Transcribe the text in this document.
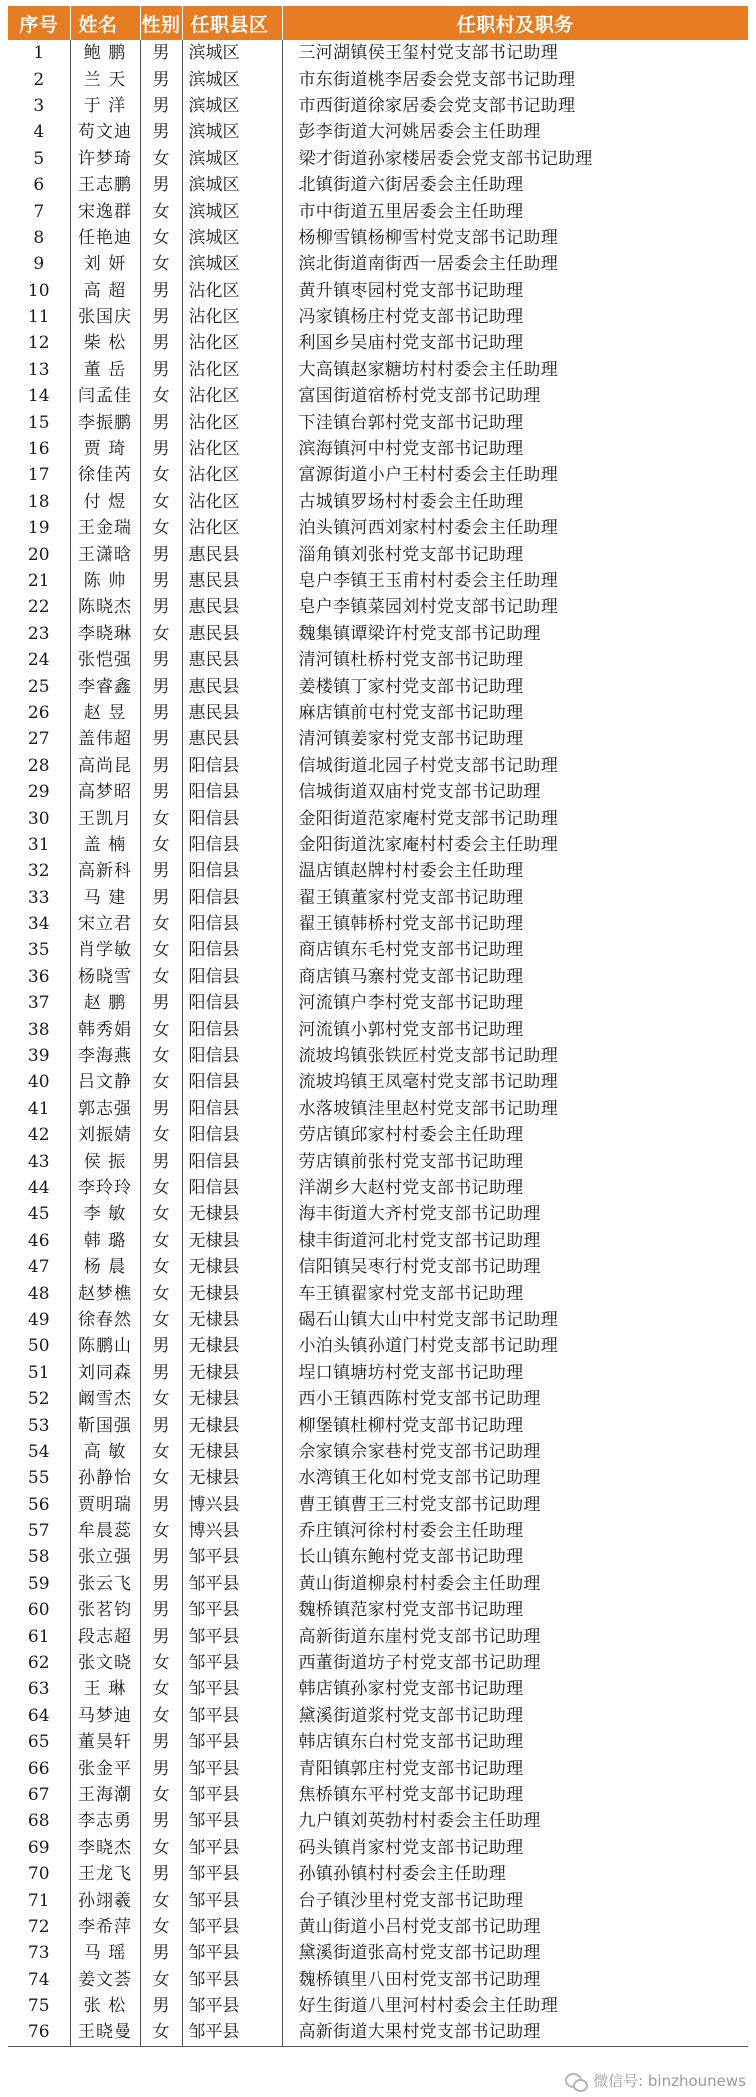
序号	姓名	性别	任职县区	任职村及职务
1	鲍 鹏	男	滨城区	三河湖镇侯王玺村党支部书记助理
2	兰 天	男	滨城区	市东街道桃李居委会党支部书记助理
3	于 洋	男	滨城区	市西街道徐家居委会党支部书记助理
4	苟文迪	男	滨城区	彭李街道大河姚居委会主任助理
5	许梦琦	女	滨城区	梁才街道孙家楼居委会党支部书记助理
6	王志鹏	男	滨城区	北镇街道六街居委会主任助理
7	宋逸群	女	滨城区	市中街道五里居委会主任助理
8	任艳迪	女	滨城区	杨柳雪镇杨柳雪村党支部书记助理
9	刘 妍	女	滨城区	滨北街道南街西一居委会主任助理
10	高 超	男	沾化区	黄升镇枣园村党支部书记助理
11	张国庆	男	沾化区	冯家镇杨庄村党支部书记助理
12	柴 松	男	沾化区	利国乡吴庙村党支部书记助理
13	董 岳	男	沾化区	大高镇赵家糖坊村村委会主任助理
14	闫孟佳	女	沾化区	富国街道宿桥村党支部书记助理
15	李振鹏	男	沾化区	下洼镇台郭村党支部书记助理
16	贾 琦	男	沾化区	滨海镇河中村党支部书记助理
17	徐佳芮	女	沾化区	富源街道小户王村村委会主任助理
18	付 煜	女	沾化区	古城镇罗场村村委会主任助理
19	王金瑞	女	沾化区	泊头镇河西刘家村村委会主任助理
20	王潇晗	男	惠民县	淄角镇刘张村党支部书记助理
21	陈 帅	男	惠民县	皂户李镇王玉甫村村委会主任助理
22	陈晓杰	男	惠民县	皂户李镇菜园刘村党支部书记助理
23	李晓琳	女	惠民县	魏集镇谭梁许村党支部书记助理
24	张恺强	男	惠民县	清河镇杜桥村党支部书记助理
25	李睿鑫	男	惠民县	姜楼镇丁家村党支部书记助理
26	赵 昱	男	惠民县	麻店镇前屯村党支部书记助理
27	盖伟超	男	惠民县	清河镇姜家村党支部书记助理
28	高尚昆	男	阳信县	信城街道北园子村党支部书记助理
29	高梦昭	男	阳信县	信城街道双庙村党支部书记助理
30	王凯月	女	阳信县	金阳街道范家庵村党支部书记助理
31	盖 楠	女	阳信县	金阳街道沈家庵村村委会主任助理
32	高新科	男	阳信县	温店镇赵牌村村委会主任助理
33	马 建	男	阳信县	翟王镇董家村党支部书记助理
34	宋立君	女	阳信县	翟王镇韩桥村党支部书记助理
35	肖学敏	女	阳信县	商店镇东毛村党支部书记助理
36	杨晓雪	女	阳信县	商店镇马寨村党支部书记助理
37	赵 鹏	男	阳信县	河流镇户李村党支部书记助理
38	韩秀娟	女	阳信县	河流镇小郭村党支部书记助理
39	李海燕	女	阳信县	流坡坞镇张铁匠村党支部书记助理
40	吕文静	女	阳信县	流坡坞镇王凤毫村党支部书记助理
41	郭志强	男	阳信县	水落坡镇洼里赵村党支部书记助理
42	刘振婧	女	阳信县	劳店镇邱家村村委会主任助理
43	侯 振	男	阳信县	劳店镇前张村党支部书记助理
44	李玲玲	女	阳信县	洋湖乡大赵村党支部书记助理
45	李 敏	女	无棣县	海丰街道大齐村党支部书记助理
46	韩 璐	女	无棣县	棣丰街道河北村党支部书记助理
47	杨 晨	女	无棣县	信阳镇吴枣行村党支部书记助理
48	赵梦樵	女	无棣县	车王镇翟家村党支部书记助理
49	徐春然	女	无棣县	碣石山镇大山中村党支部书记助理
50	陈鹏山	男	无棣县	小泊头镇孙道门村党支部书记助理
51	刘同森	男	无棣县	埕口镇塘坊村党支部书记助理
52	阚雪杰	女	无棣县	西小王镇西陈村党支部书记助理
53	靳国强	男	无棣县	柳堡镇杜柳村党支部书记助理
54	高 敏	女	无棣县	佘家镇佘家巷村党支部书记助理
55	孙静怡	女	无棣县	水湾镇王化如村党支部书记助理
56	贾明瑞	男	博兴县	曹王镇曹王三村党支部书记助理
57	牟晨蕊	女	博兴县	乔庄镇河徐村村委会主任助理
58	张立强	男	邹平县	长山镇东鲍村党支部书记助理
59	张云飞	男	邹平县	黄山街道柳泉村村委会主任助理
60	张茗钧	男	邹平县	魏桥镇范家村党支部书记助理
61	段志超	男	邹平县	高新街道东崖村党支部书记助理
62	张文晓	女	邹平县	西董街道坊子村党支部书记助理
63	王 琳	女	邹平县	韩店镇孙家村党支部书记助理
64	马梦迪	女	邹平县	黛溪街道浆村党支部书记助理
65	董昊轩	男	邹平县	韩店镇东白村党支部书记助理
66	张金平	男	邹平县	青阳镇郭庄村党支部书记助理
67	王海潮	女	邹平县	焦桥镇东平村党支部书记助理
68	李志勇	男	邹平县	九户镇刘英勃村村委会主任助理
69	李晓杰	女	邹平县	码头镇肖家村党支部书记助理
70	王龙飞	男	邹平县	孙镇孙镇村村委会主任助理
71	孙翊羲	女	邹平县	台子镇沙里村党支部书记助理
72	李希萍	女	邹平县	黄山街道小吕村党支部书记助理
73	马 瑶	男	邹平县	黛溪街道张高村党支部书记助理
74	姜文荟	女	邹平县	魏桥镇里八田村党支部书记助理
75	张 松	男	邹平县	好生街道八里河村村委会主任助理
76	王晓曼	女	邹平县	高新街道大果村党支部书记助理
微信号: binzhounews
